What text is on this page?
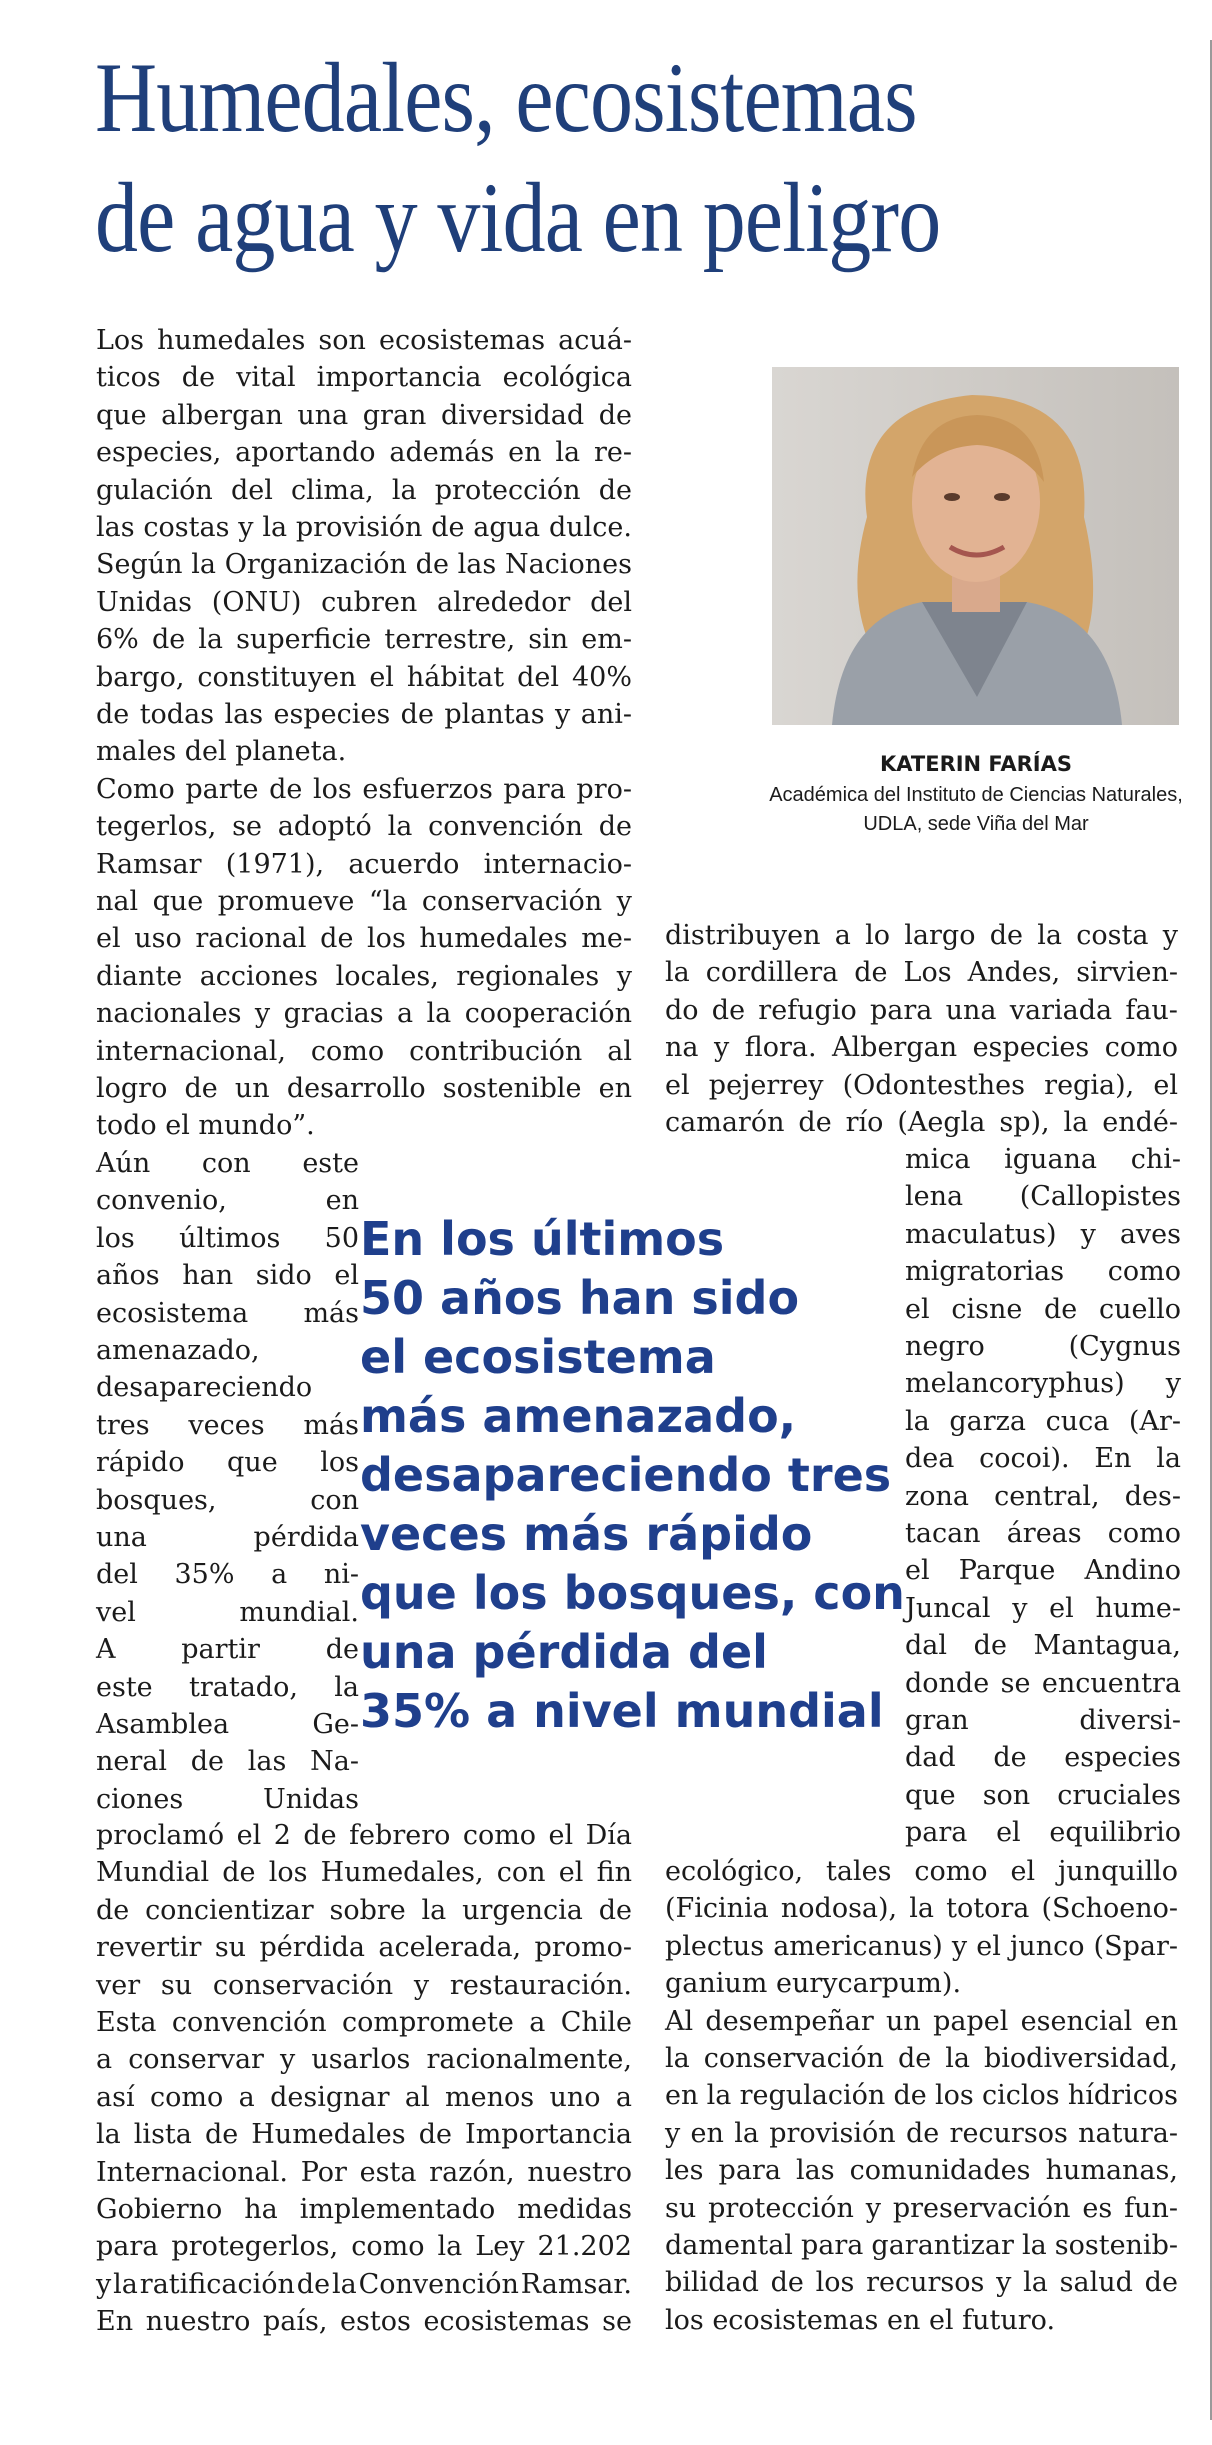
Humedales, ecosistemas
de agua y vida en peligro
KATERIN FARÍAS
Académica del Instituto de Ciencias Naturales,
UDLA, sede Viña del Mar
Los humedales son ecosistemas acuá-
ticos de vital importancia ecológica
que albergan una gran diversidad de
especies, aportando además en la re-
gulación del clima, la protección de
las costas y la provisión de agua dulce.
Según la Organización de las Naciones
Unidas (ONU) cubren alrededor del
6% de la superficie terrestre, sin em-
bargo, constituyen el hábitat del 40%
de todas las especies de plantas y ani-
males del planeta.
Como parte de los esfuerzos para pro-
tegerlos, se adoptó la convención de
Ramsar (1971), acuerdo internacio-
nal que promueve “la conservación y
el uso racional de los humedales me-
diante acciones locales, regionales y
nacionales y gracias a la cooperación
internacional, como contribución al
logro de un desarrollo sostenible en
todo el mundo”.
Aún con este
convenio,	en
los últimos 50
años han sido el
ecosistema más
amenazado,
desapareciendo
tres veces más
rápido que los
bosques,	con
una	pérdida
del 35% a ni-
vel	mundial.
A partir de
este tratado, la
Asamblea	Ge-
neral de las Na-
ciones	Unidas
proclamó el 2 de febrero como el Día
Mundial de los Humedales, con el fin
de concientizar sobre la urgencia de
revertir su pérdida acelerada, promo-
ver su conservación y restauración.
Esta convención compromete a Chile
a conservar y usarlos racionalmente,
así como a designar al menos uno a
la lista de Humedales de Importancia
Internacional. Por esta razón, nuestro
Gobierno ha implementado medidas
para protegerlos, como la Ley 21.202
y la ratificación de la Convención Ramsar.
En nuestro país, estos ecosistemas se
distribuyen a lo largo de la costa y
la cordillera de Los Andes, sirvien-
do de refugio para una variada fau-
na y flora. Albergan especies como
el pejerrey (Odontesthes regia), el
camarón de río (Aegla sp), la endé-
mica iguana chi-
lena (Callopistes
maculatus) y aves
migratorias como
el cisne de cuello
negro	(Cygnus
melancoryphus) y
la garza cuca (Ar-
dea cocoi). En la
zona central, des-
tacan áreas como
el Parque Andino
Juncal y el hume-
dal de Mantagua,
donde se encuentra
gran	diversi-
dad de especies
que son cruciales
para el equilibrio
ecológico, tales como el junquillo
(Ficinia nodosa), la totora (Schoeno-
plectus americanus) y el junco (Spar-
ganium eurycarpum).
Al desempeñar un papel esencial en
la conservación de la biodiversidad,
en la regulación de los ciclos hídricos
y en la provisión de recursos natura-
les para las comunidades humanas,
su protección y preservación es fun-
damental para garantizar la sostenib-
bilidad de los recursos y la salud de
los ecosistemas en el futuro.
En los últimos
50 años han sido
el ecosistema
más amenazado,
desapareciendo tres
veces más rápido
que los bosques, con
una pérdida del
35% a nivel mundial
